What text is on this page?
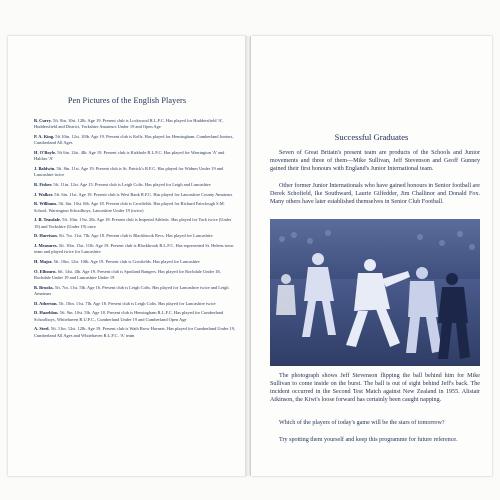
Pen Pictures of the English Players
B. Curry. 5ft. 8in. 10st. 12lb. Age 19. Present club is Lockwood R.L.F.C. Has played for Huddersfield 'A', Huddersfield and District, Yorkshire Amateurs Under 19 and Open Age
P. A. King. 5ft 10in. 12st. 10lb. Age 19. Present club is Kells. Has played for Hensingham, Cumberland Juniors, Cumberland All Ages
H. O'Boyle. 5ft 6in. 12st. 4lb. Age 19. Present club is Kirkhole R.L.F.C. Has played for Warrington 'A' and Halifax 'A'
J. Baldwin. 5ft. 8in. 11st. Age 19. Present club is St. Patrick's R.F.C. Has played for Widnes Under 19 and Lancashire twice
R. Fisher. 5ft. 11in. 12st. Age 15. Present club is Leigh Colts. Has played for Leigh and Lancashire
J. Walker. 5ft. 6in. 11st. Age 19. Present club is West Bank R.F.C. Has played for Lancashire County Amateurs
R. Williams. 5ft. 6in. 10st. 6lb. Age 18. Present club is Crosfields. Has played for Richard Fairclough S.M. School, Warrington Schoolboys, Lancashire Under 19 (twice)
J. B. Teasdale. 5ft. 10in. 15st. 2lb. Age 18. Present club is Imperial Athletic. Has played for York twice (Under 19) and Yorkshire (Under 19) once
D. Harrison. 5ft. 7in. 11st. 7lb. Age 18. Present club is Blackbrook Recs. Has played for Lancashire
J. Measures. 5ft. 10in. 13st. 11lb. Age 19. Present club is Blackbrook R.L.F.C. Has represented St. Helens town team and played twice for Lancashire
H. Major. 5ft. 10in. 12st. 10lb. Age 19. Present club is Crosfields. Has played for Lancashire
O. Elbourn. 6ft. 14st. 4lb. Age 19. Present club is Spotland Rangers. Has played for Rochdale Under 18, Rochdale Under 19 and Lancashire Under 19
B. Brooks. 5ft. 7in. 11st. 5lb. Age 16. Present club is Leigh Colts. Has played for Lancashire twice and Leigh Amateurs
D. Atherton. 5ft. 10in. 11st. 7lb. Age 18. Present club is Leigh Colts. Has played for Lancashire twice
D. Hazeldon. 5ft. 9in. 10st. 5lb. Age 18. Present club is Hensingham R.L.F.C. Has played for Cumberland Schoolboys, Whitehaven R.U.F.C., Cumberland Under 19 and Cumberland Open Age
A. Steel. 5ft. 11in. 12st. 12lb. Age 19. Present club is Wath Brow Hornets. Has played for Cumberland Under 19, Cumberland All Ages and Whitehaven R.L.F.C. 'A' team
Successful Graduates

Seven of Great Britain's present team are products of the Schools and Junior movements and three of them—Mike Sullivan, Jeff Stevenson and Geoff Gunney gained their first honours with England's Junior International team.

Other former Junior Internationals who have gained honours in Senior football are Derek Schofield, Ike Southward, Laurie Gilfedder, Jim Challinor and Donald Fox. Many others have later established themselves in Senior Club Football.

The photograph shows Jeff Stevenson flipping the ball behind him for Mike Sullivan to come inside on the burst. The ball is out of sight behind Jeff's back. The incident occurred in the Second Test Match against New Zealand in 1955. Alistair Atkinson, the Kiwi's loose forward has certainly been caught napping.

Which of the players of today's game will be the stars of tomorrow?

Try spotting them yourself and keep this programme for future reference.
